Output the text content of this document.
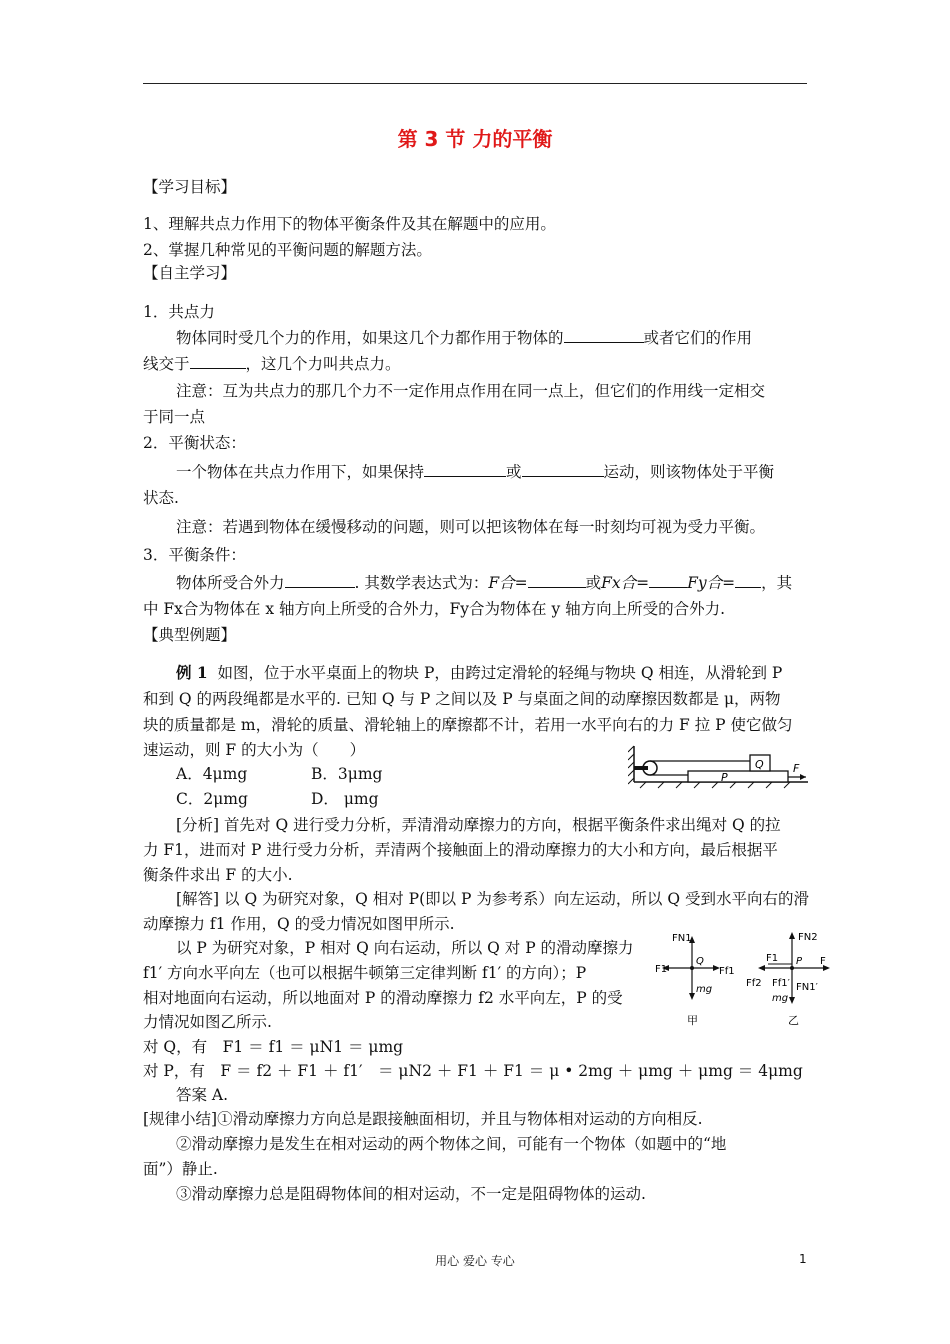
第 3 节 力的平衡
【学习目标】
1、理解共点力作用下的物体平衡条件及其在解题中的应用。
2、掌握几种常见的平衡问题的解题方法。
【自主学习】
1．共点力
物体同时受几个力的作用，如果这几个力都作用于物体的	或者它们的作用
线交于	，这几个力叫共点力。
注意：互为共点力的那几个力不一定作用点作用在同一点上，但它们的作用线一定相交
于同一点
2．平衡状态：
一个物体在共点力作用下，如果保持	或	运动，则该物体处于平衡
状态.
注意：若遇到物体在缓慢移动的问题，则可以把该物体在每一时刻均可视为受力平衡。
3．平衡条件：
物体所受合外力	. 其数学表达式为：F合=	或Fx合= Fy合= ，其
中 Fx合为物体在 x 轴方向上所受的合外力，Fy合为物体在 y 轴方向上所受的合外力.
【典型例题】
例 1 如图，位于水平桌面上的物块 P，由跨过定滑轮的轻绳与物块 Q 相连，从滑轮到 P
和到 Q 的两段绳都是水平的. 已知 Q 与 P 之间以及 P 与桌面之间的动摩擦因数都是 μ，两物
块的质量都是 m，滑轮的质量、滑轮轴上的摩擦都不计，若用一水平向右的力 F 拉 P 使它做匀
速运动，则 F 的大小为（　　）
A．4μmg	B．3μmg
C．2μmg	D． μmg
Q
P
F
[分析] 首先对 Q 进行受力分析，弄清滑动摩擦力的方向，根据平衡条件求出绳对 Q 的拉
力 F1，进而对 P 进行受力分析，弄清两个接触面上的滑动摩擦力的大小和方向，最后根据平
衡条件求出 F 的大小.
[解答] 以 Q 为研究对象，Q 相对 P(即以 P 为参考系）向左运动，所以 Q 受到水平向右的滑
动摩擦力 f1 作用，Q 的受力情况如图甲所示.
以 P 为研究对象，P 相对 Q 向右运动，所以 Q 对 P 的滑动摩擦力
f1′ 方向水平向左（也可以根据牛顿第三定律判断 f1′ 的方向）；P
相对地面向右运动，所以地面对 P 的滑动摩擦力 f2 水平向左，P 的受
力情况如图乙所示.
FN1
Q
F1	Ff1
mg
甲
FN2
F1 P F
Ff2 Ff1′ FN1′
mg
乙
对 Q，有　F1 ＝ f1 ＝ μN1 ＝ μmg
对 P，有　F ＝ f2 ＋ F1 ＋ f1′　＝ μN2 ＋ F1 ＋ F1 ＝ μ • 2mg ＋ μmg ＋ μmg ＝ 4μmg
答案 A.
[规律小结]①滑动摩擦力方向总是跟接触面相切，并且与物体相对运动的方向相反.
②滑动摩擦力是发生在相对运动的两个物体之间，可能有一个物体（如题中的“地
面”）静止.
③滑动摩擦力总是阻碍物体间的相对运动，不一定是阻碍物体的运动.
用心 爱心 专心	1
